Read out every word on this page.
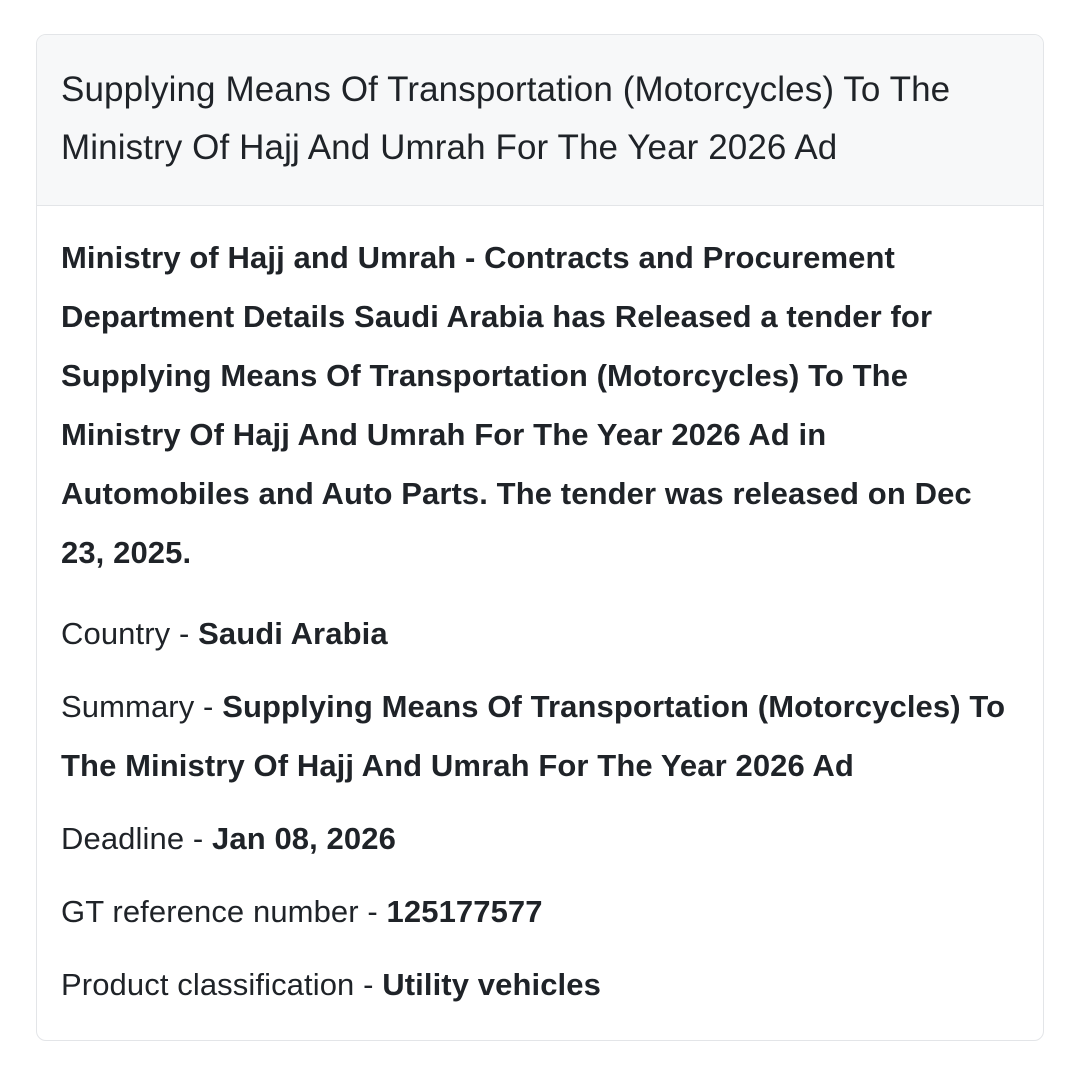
Supplying Means Of Transportation (Motorcycles) To The Ministry Of Hajj And Umrah For The Year 2026 Ad

Ministry of Hajj and Umrah - Contracts and Procurement Department Details Saudi Arabia has Released a tender for Supplying Means Of Transportation (Motorcycles) To The Ministry Of Hajj And Umrah For The Year 2026 Ad in Automobiles and Auto Parts. The tender was released on Dec 23, 2025.

Country - Saudi Arabia

Summary - Supplying Means Of Transportation (Motorcycles) To The Ministry Of Hajj And Umrah For The Year 2026 Ad

Deadline - Jan 08, 2026

GT reference number - 125177577

Product classification - Utility vehicles
